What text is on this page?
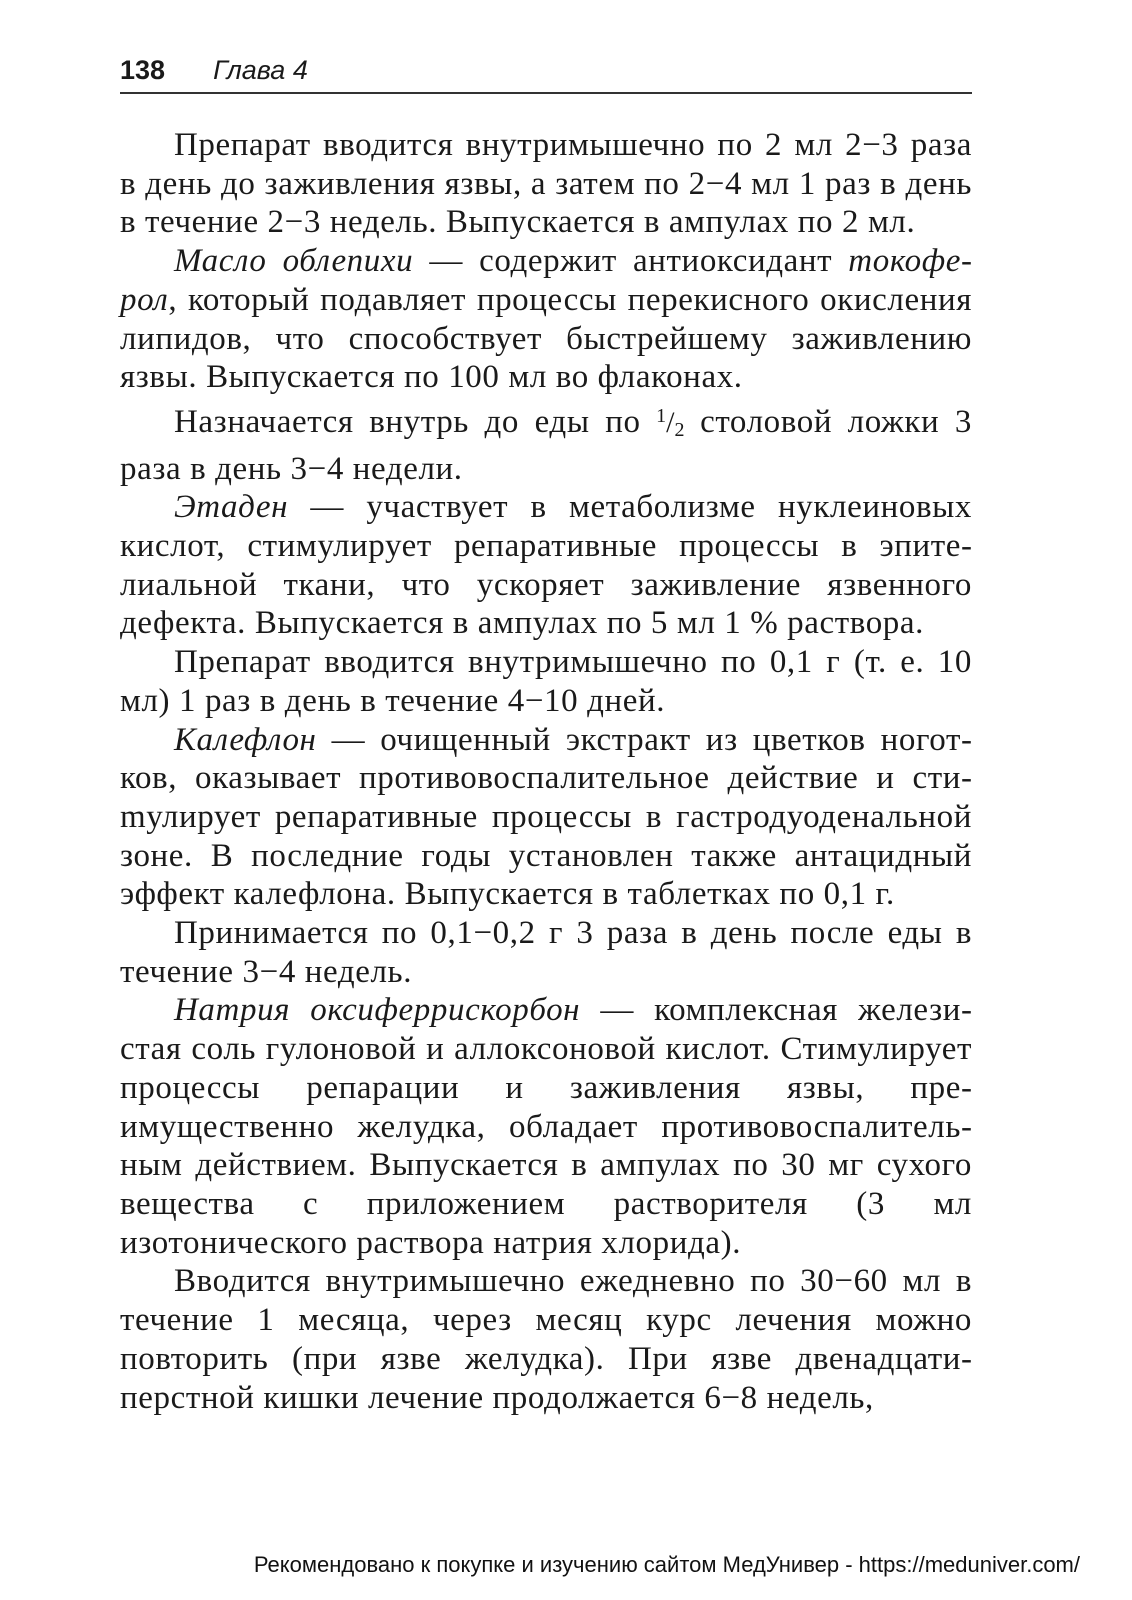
138 Глава 4

Препарат вводится внутримышечно по 2 мл 2−3 раза в день до заживления язвы, а затем по 2−4 мл 1 раз в день в течение 2−3 недель. Выпускается в ампулах по 2 мл.

Масло облепихи — содержит антиоксидант токоферол, который подавляет процессы перекисного окисления липидов, что способствует быстрейшему заживлению язвы. Выпускается по 100 мл во флаконах.

Назначается внутрь до еды по $^1/_2$ столовой ложки 3 раза в день 3−4 недели.

Этаден — участвует в метаболизме нуклеиновых кислот, стимулирует репаративные процессы в эпителиальной ткани, что ускоряет заживление язвенного дефекта. Выпускается в ампулах по 5 мл 1 % раствора.

Препарат вводится внутримышечно по 0,1 г (т. е. 10 мл) 1 раз в день в течение 4−10 дней.

Калефлон — очищенный экстракт из цветков ноготков, оказывает противовоспалительное действие и стиmулирует репаративные процессы в гастродуоденальной зоне. В последние годы установлен также антацидный эффект калефлона. Выпускается в таблетках по 0,1 г.

Принимается по 0,1−0,2 г 3 раза в день после еды в течение 3−4 недель.

Натрия оксиферрискорбон — комплексная железистая соль гулоновой и аллоксоновой кислот. Стимулирует процессы репарации и заживления язвы, преимущественно желудка, обладает противовоспалительным действием. Выпускается в ампулах по 30 мг сухого вещества с приложением растворителя (3 мл изотонического раствора натрия хлорида).

Вводится внутримышечно ежедневно по 30−60 мл в течение 1 месяца, через месяц курс лечения можно повторить (при язве желудка). При язве двенадцатиперстной кишки лечение продолжается 6−8 недель,

Рекомендовано к покупке и изучению сайтом МедУнивер - https://meduniver.com/
